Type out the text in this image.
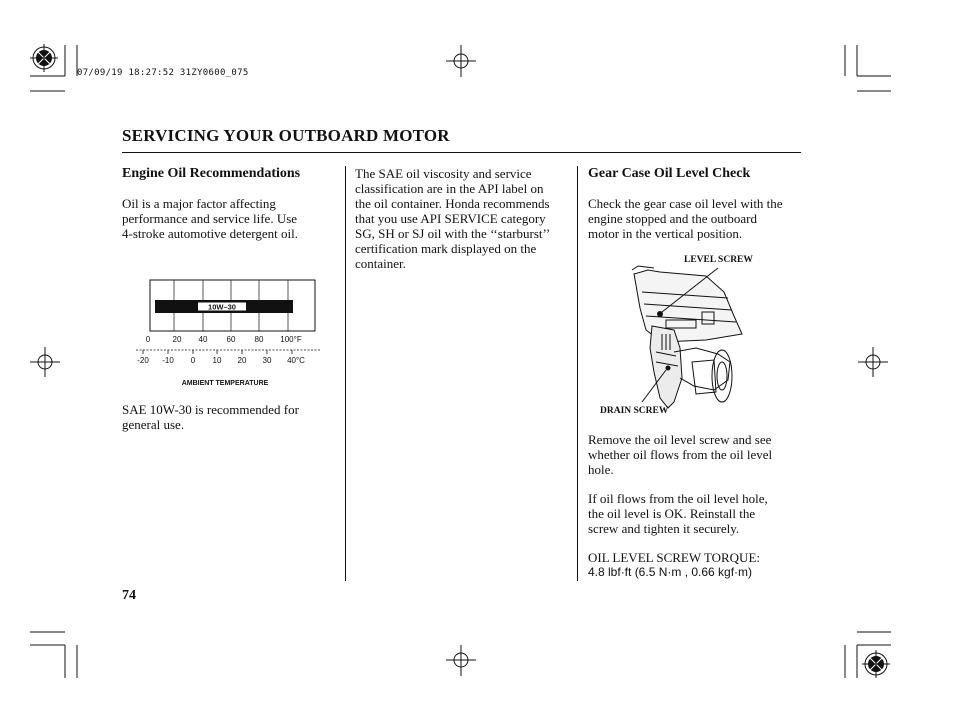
07/09/19 18:27:52 31ZY0600_075
SERVICING YOUR OUTBOARD MOTOR
Engine Oil Recommendations
Oil is a major factor affecting
performance and service life. Use
4-stroke automotive detergent oil.
10W–30
0	20 40 60 80 100°F
-20 -10 0 10 20 30 40°C
AMBIENT TEMPERATURE
SAE 10W-30 is recommended for
general use.
The SAE oil viscosity and service
classification are in the API label on
the oil container. Honda recommends
that you use API SERVICE category
SG, SH or SJ oil with the ‘‘starburst’’
certification mark displayed on the
container.
Gear Case Oil Level Check
Check the gear case oil level with the
engine stopped and the outboard
motor in the vertical position.
LEVEL SCREW
DRAIN SCREW
Remove the oil level screw and see
whether oil flows from the oil level
hole.
If oil flows from the oil level hole,
the oil level is OK. Reinstall the
screw and tighten it securely.
OIL LEVEL SCREW TORQUE:
4.8 lbf·ft (6.5 N·m , 0.66 kgf·m)
74
